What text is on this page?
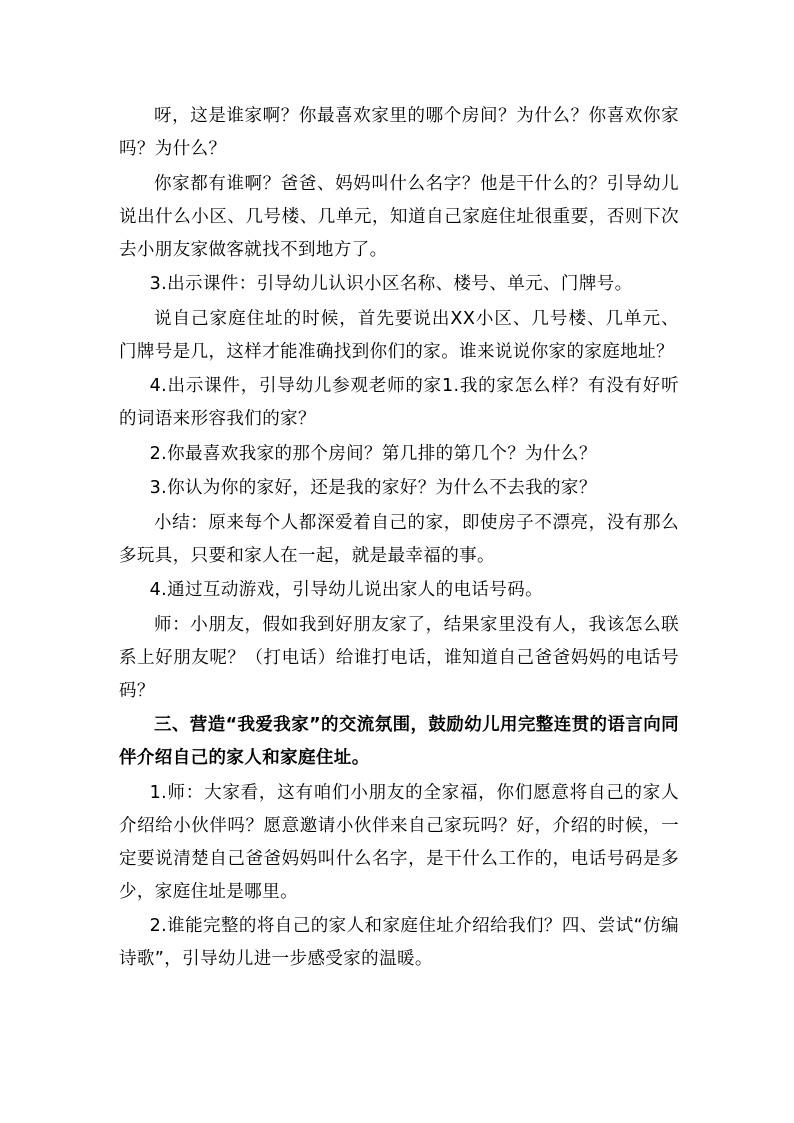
呀，这是谁家啊？你最喜欢家里的哪个房间？为什么？你喜欢你家吗？为什么？

你家都有谁啊？爸爸、妈妈叫什么名字？他是干什么的？引导幼儿说出什么小区、几号楼、几单元，知道自己家庭住址很重要，否则下次去小朋友家做客就找不到地方了。

3.出示课件：引导幼儿认识小区名称、楼号、单元、门牌号。

说自己家庭住址的时候，首先要说出XX小区、几号楼、几单元、门牌号是几，这样才能准确找到你们的家。谁来说说你家的家庭地址？

4.出示课件，引导幼儿参观老师的家1.我的家怎么样？有没有好听的词语来形容我们的家？

2.你最喜欢我家的那个房间？第几排的第几个？为什么？

3.你认为你的家好，还是我的家好？为什么不去我的家？

小结：原来每个人都深爱着自己的家，即使房子不漂亮，没有那么多玩具，只要和家人在一起，就是最幸福的事。

4.通过互动游戏，引导幼儿说出家人的电话号码。

师：小朋友，假如我到好朋友家了，结果家里没有人，我该怎么联系上好朋友呢？（打电话）给谁打电话，谁知道自己爸爸妈妈的电话号码？

三、营造“我爱我家”的交流氛围，鼓励幼儿用完整连贯的语言向同伴介绍自己的家人和家庭住址。

1.师：大家看，这有咱们小朋友的全家福，你们愿意将自己的家人介绍给小伙伴吗？愿意邀请小伙伴来自己家玩吗？好，介绍的时候，一定要说清楚自己爸爸妈妈叫什么名字，是干什么工作的，电话号码是多少，家庭住址是哪里。

2.谁能完整的将自己的家人和家庭住址介绍给我们？四、尝试“仿编诗歌”，引导幼儿进一步感受家的温暖。
